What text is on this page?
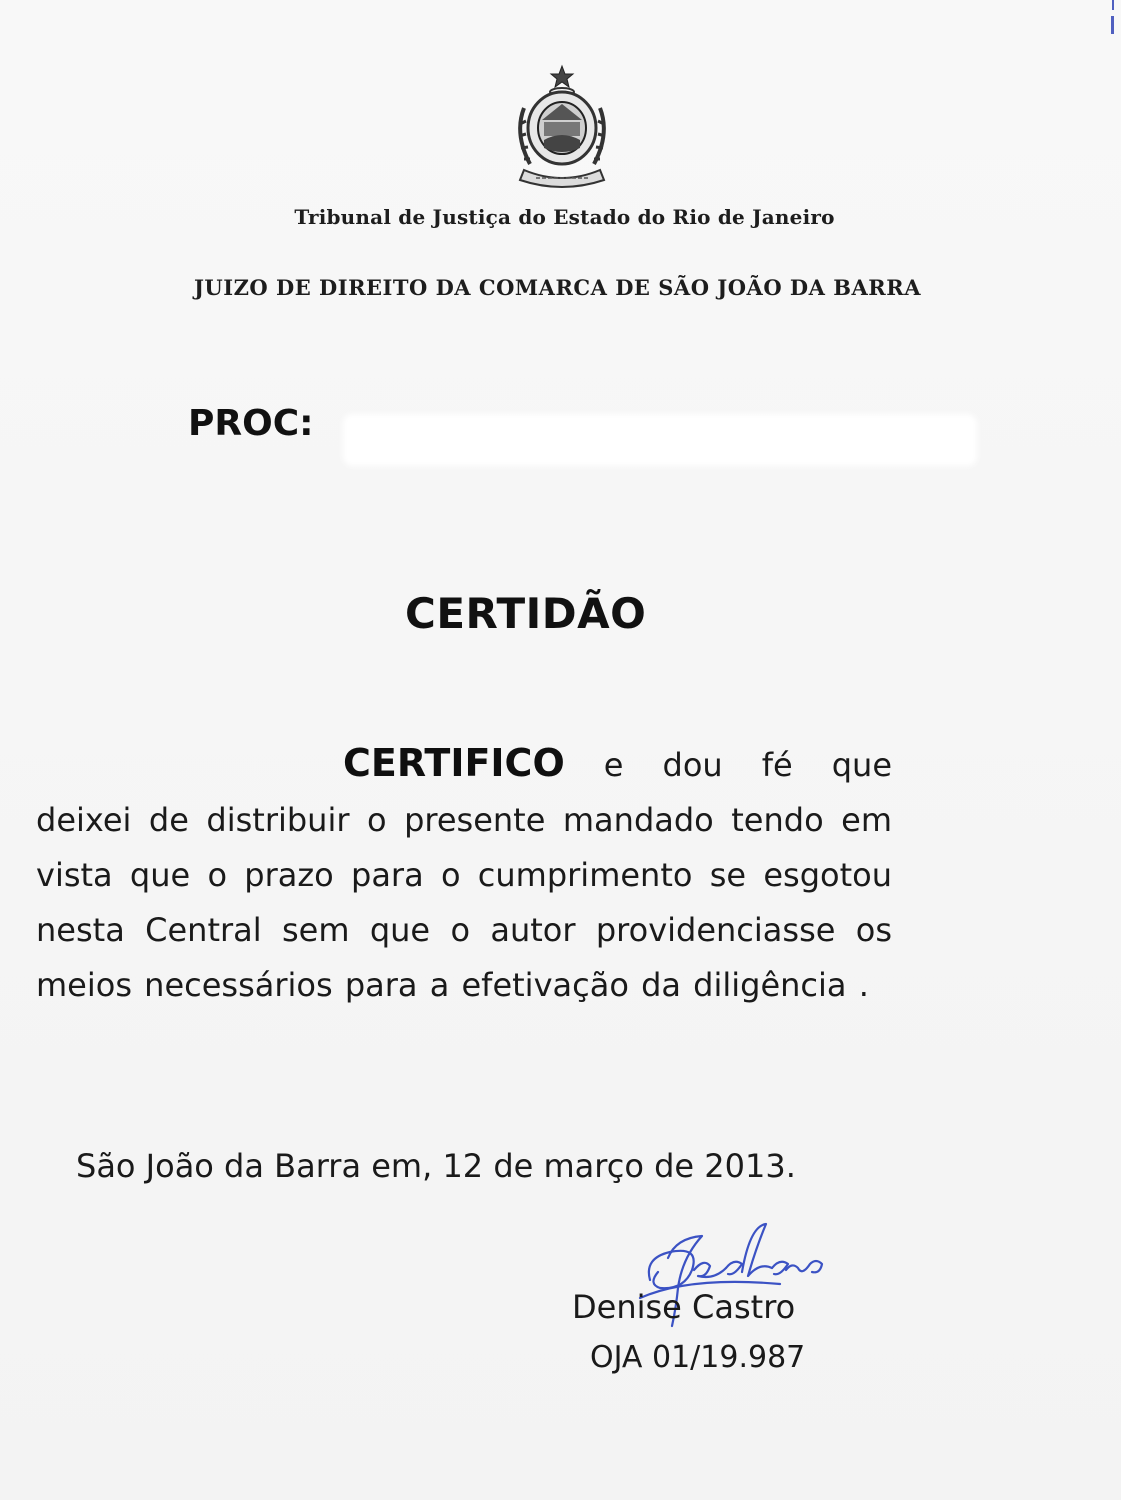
Tribunal de Justiça do Estado do Rio de Janeiro
JUIZO DE DIREITO DA COMARCA DE SÃO JOÃO DA BARRA
PROC:
CERTIDÃO
CERTIFICO e dou fé que deixei de distribuir o presente mandado tendo em vista que o prazo para o cumprimento se esgotou nesta Central sem que o autor providenciasse os meios necessários para a efetivação da diligência .
São João da Barra em, 12 de março de 2013.
Denise Castro
OJA 01/19.987
